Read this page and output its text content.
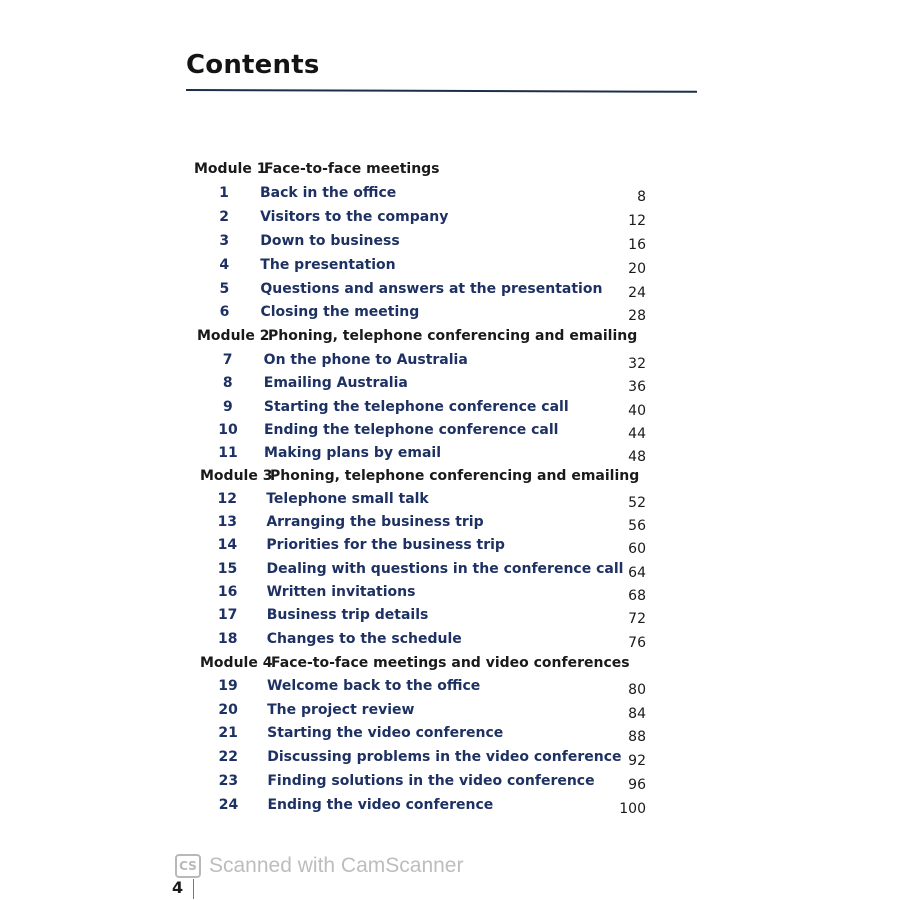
Contents
Module 1
Face-to-face meetings
1	Back in the office	8
2	Visitors to the company	12
3	Down to business	16
4	The presentation	20
5	Questions and answers at the presentation	24
6	Closing the meeting	28
Module 2
Phoning, telephone conferencing and emailing
7	On the phone to Australia	32
8	Emailing Australia	36
9	Starting the telephone conference call	40
10 Ending the telephone conference call	44
11 Making plans by email	48
Module 3
Phoning, telephone conferencing and emailing
12 Telephone small talk	52
13 Arranging the business trip	56
14 Priorities for the business trip	60
15 Dealing with questions in the conference call 64
16 Written invitations	68
17 Business trip details	72
18 Changes to the schedule	76
Module 4
Face-to-face meetings and video conferences
19 Welcome back to the office	80
20 The project review	84
21 Starting the video conference	88
22 Discussing problems in the video conference 92
23 Finding solutions in the video conference	96
24 Ending the video conference	100
CS Scanned with CamScanner
4
